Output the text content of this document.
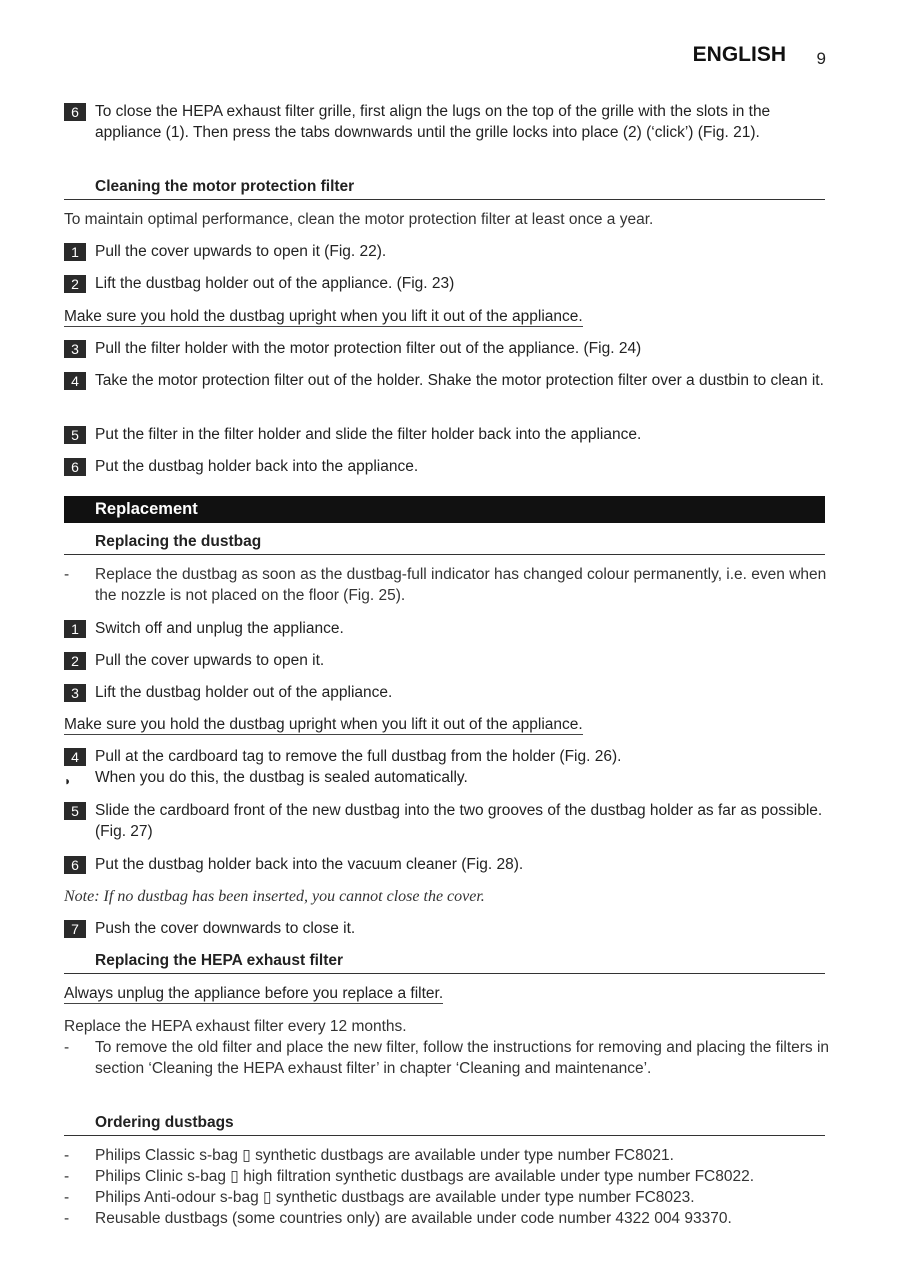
ENGLISH 9
6	To close the HEPA exhaust filter grille, first align the lugs on the top of the grille with the slots in the appliance (1). Then press the tabs downwards until the grille locks into place (2) (‘click’) (Fig. 21).
Cleaning the motor protection filter
To maintain optimal performance, clean the motor protection filter at least once a year.
1	Pull the cover upwards to open it (Fig. 22).
2	Lift the dustbag holder out of the appliance. (Fig. 23)
Make sure you hold the dustbag upright when you lift it out of the appliance.
3	Pull the filter holder with the motor protection filter out of the appliance. (Fig. 24)
4	Take the motor protection filter out of the holder. Shake the motor protection filter over a dustbin to clean it.
5	Put the filter in the filter holder and slide the filter holder back into the appliance.
6	Put the dustbag holder back into the appliance.
Replacement
Replacing the dustbag
- Replace the dustbag as soon as the dustbag-full indicator has changed colour permanently, i.e. even when the nozzle is not placed on the floor (Fig. 25).
1	Switch off and unplug the appliance.
2	Pull the cover upwards to open it.
3	Lift the dustbag holder out of the appliance.
Make sure you hold the dustbag upright when you lift it out of the appliance.
4	Pull at the cardboard tag to remove the full dustbag from the holder (Fig. 26).
◗ When you do this, the dustbag is sealed automatically.
5	Slide the cardboard front of the new dustbag into the two grooves of the dustbag holder as far as possible. (Fig. 27)
6	Put the dustbag holder back into the vacuum cleaner (Fig. 28).
Note: If no dustbag has been inserted, you cannot close the cover.
7	Push the cover downwards to close it.
Replacing the HEPA exhaust filter
Always unplug the appliance before you replace a filter.
Replace the HEPA exhaust filter every 12 months.
- To remove the old filter and place the new filter, follow the instructions for removing and placing the filters in section ‘Cleaning the HEPA exhaust filter’ in chapter ‘Cleaning and maintenance’.
Ordering dustbags
- Philips Classic s-bag ▯ synthetic dustbags are available under type number FC8021.
- Philips Clinic s-bag ▯ high filtration synthetic dustbags are available under type number FC8022.
- Philips Anti-odour s-bag ▯ synthetic dustbags are available under type number FC8023.
- Reusable dustbags (some countries only) are available under code number 4322 004 93370.
